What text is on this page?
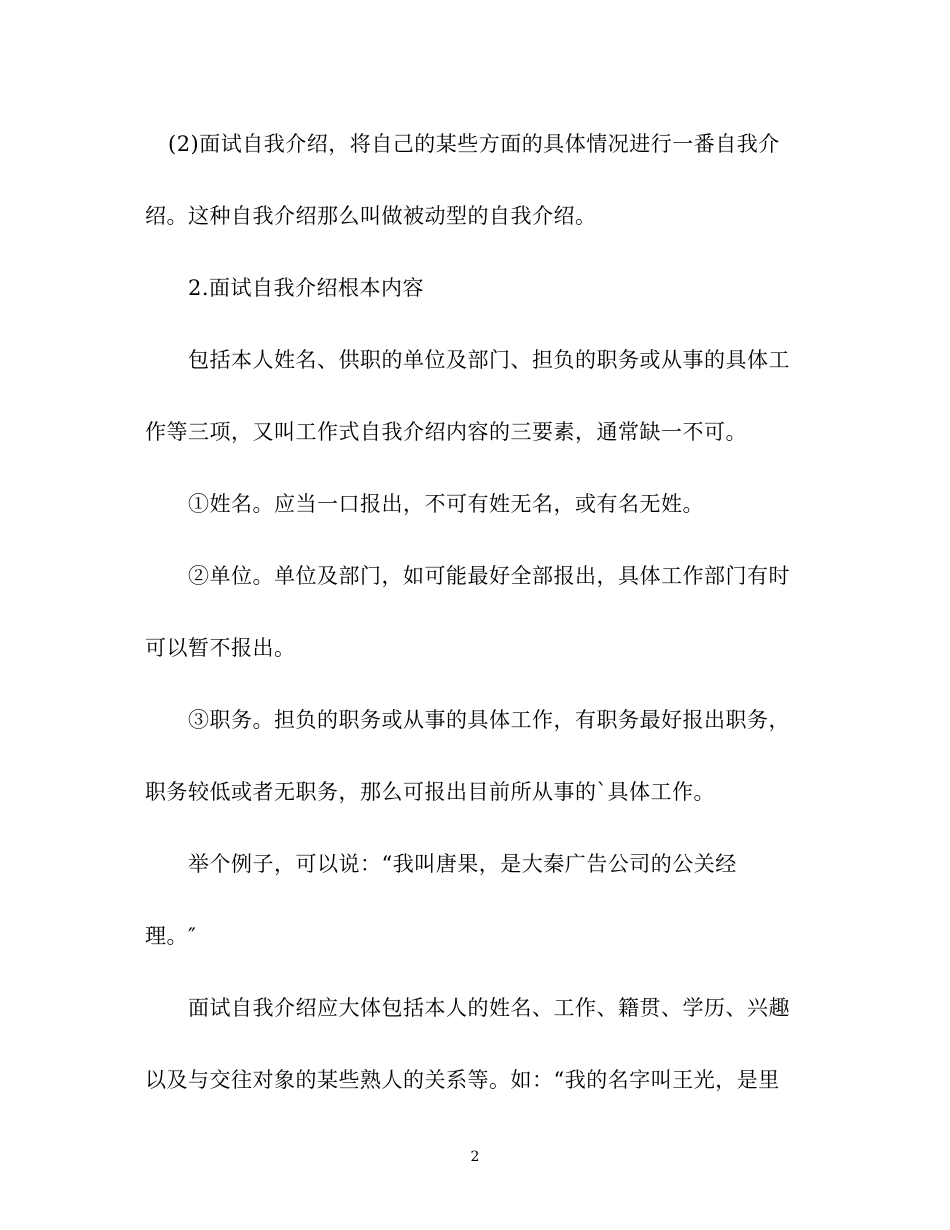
(2)面试自我介绍，将自己的某些方面的具体情况进行一番自我介
绍。这种自我介绍那么叫做被动型的自我介绍。
2.面试自我介绍根本内容
包括本人姓名、供职的单位及部门、担负的职务或从事的具体工
作等三项，又叫工作式自我介绍内容的三要素，通常缺一不可。
①姓名。应当一口报出，不可有姓无名，或有名无姓。
②单位。单位及部门，如可能最好全部报出，具体工作部门有时
可以暂不报出。
③职务。担负的职务或从事的具体工作，有职务最好报出职务，
职务较低或者无职务，那么可报出目前所从事的`具体工作。
举个例子，可以说：“我叫唐果，是大秦广告公司的公关经
理。″
面试自我介绍应大体包括本人的姓名、工作、籍贯、学历、兴趣
以及与交往对象的某些熟人的关系等。如：“我的名字叫王光，是里
2
